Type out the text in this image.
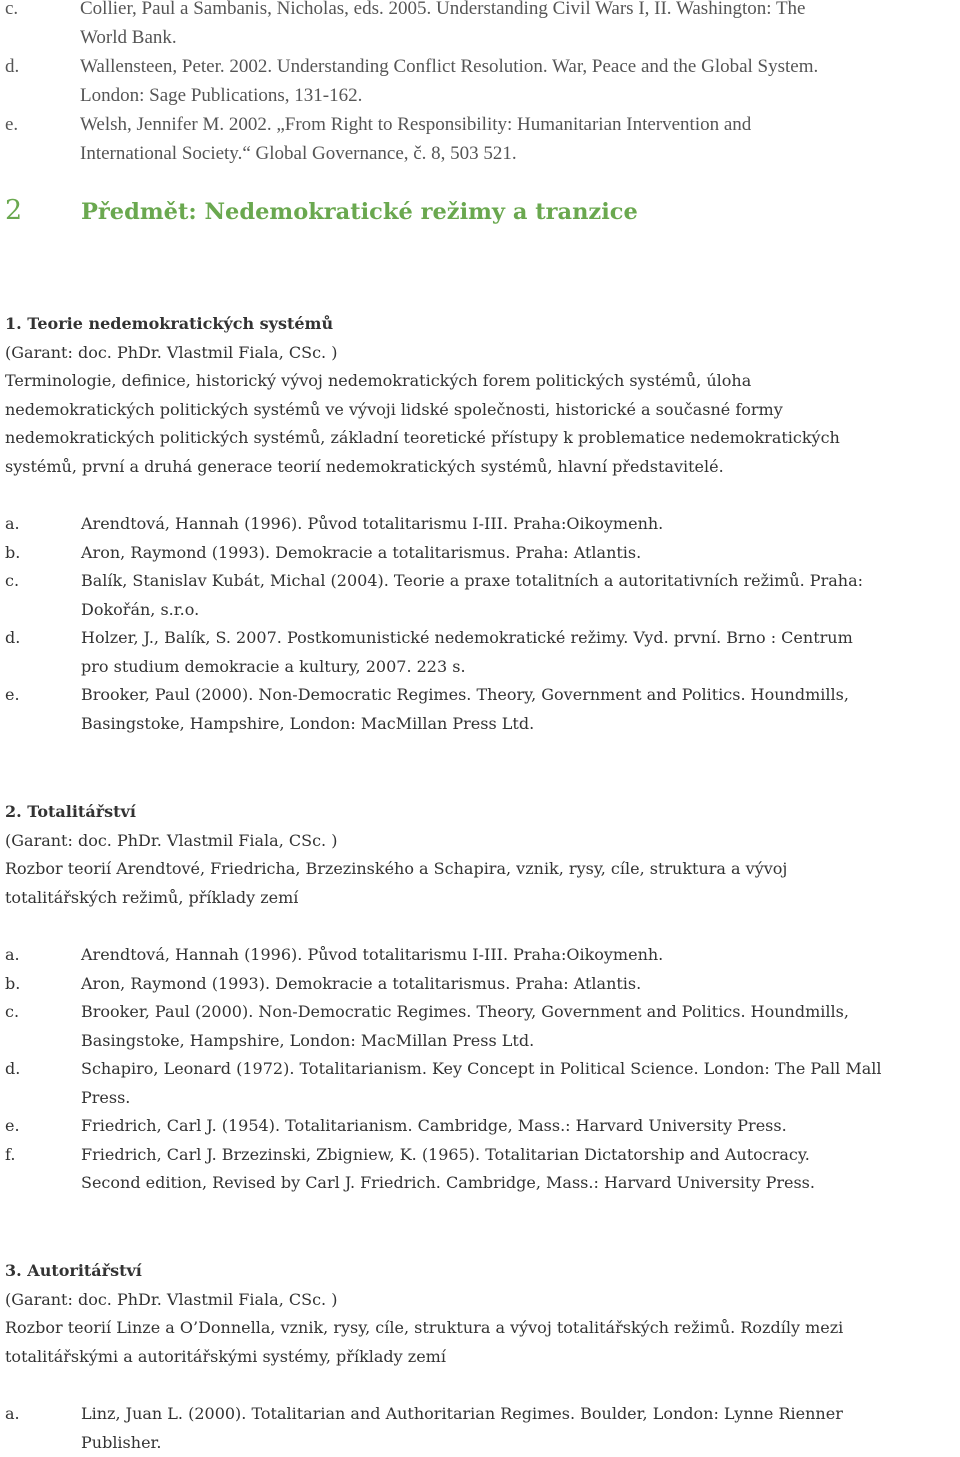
c.	Collier, Paul a Sambanis, Nicholas, eds. 2005. Understanding Civil Wars I, II. Washington: The
World Bank.
d.	Wallensteen, Peter. 2002. Understanding Conflict Resolution. War, Peace and the Global System.
London: Sage Publications, 131-162.
e.	Welsh, Jennifer M. 2002. „From Right to Responsibility: Humanitarian Intervention and
International Society.“ Global Governance, č. 8, 503 521.
2	Předmět: Nedemokratické režimy a tranzice
1. Teorie nedemokratických systémů
(Garant: doc. PhDr. Vlastmil Fiala, CSc. )
Terminologie, definice, historický vývoj nedemokratických forem politických systémů, úloha
nedemokratických politických systémů ve vývoji lidské společnosti, historické a současné formy
nedemokratických politických systémů, základní teoretické přístupy k problematice nedemokratických
systémů, první a druhá generace teorií nedemokratických systémů, hlavní představitelé.
a.	Arendtová, Hannah (1996). Původ totalitarismu I-III. Praha:Oikoymenh.
b.	Aron, Raymond (1993). Demokracie a totalitarismus. Praha: Atlantis.
c.	Balík, Stanislav Kubát, Michal (2004). Teorie a praxe totalitních a autoritativních režimů. Praha:
Dokořán, s.r.o.
d.	Holzer, J., Balík, S. 2007. Postkomunistické nedemokratické režimy. Vyd. první. Brno : Centrum
pro studium demokracie a kultury, 2007. 223 s.
e.	Brooker, Paul (2000). Non-Democratic Regimes. Theory, Government and Politics. Houndmills,
Basingstoke, Hampshire, London: MacMillan Press Ltd.
2. Totalitářství
(Garant: doc. PhDr. Vlastmil Fiala, CSc. )
Rozbor teorií Arendtové, Friedricha, Brzezinského a Schapira, vznik, rysy, cíle, struktura a vývoj
totalitářských režimů, příklady zemí
a.	Arendtová, Hannah (1996). Původ totalitarismu I-III. Praha:Oikoymenh.
b.	Aron, Raymond (1993). Demokracie a totalitarismus. Praha: Atlantis.
c.	Brooker, Paul (2000). Non-Democratic Regimes. Theory, Government and Politics. Houndmills,
Basingstoke, Hampshire, London: MacMillan Press Ltd.
d.	Schapiro, Leonard (1972). Totalitarianism. Key Concept in Political Science. London: The Pall Mall
Press.
e.	Friedrich, Carl J. (1954). Totalitarianism. Cambridge, Mass.: Harvard University Press.
f.	Friedrich, Carl J. Brzezinski, Zbigniew, K. (1965). Totalitarian Dictatorship and Autocracy.
Second edition, Revised by Carl J. Friedrich. Cambridge, Mass.: Harvard University Press.
3. Autoritářství
(Garant: doc. PhDr. Vlastmil Fiala, CSc. )
Rozbor teorií Linze a O’Donnella, vznik, rysy, cíle, struktura a vývoj totalitářských režimů. Rozdíly mezi
totalitářskými a autoritářskými systémy, příklady zemí
a.	Linz, Juan L. (2000). Totalitarian and Authoritarian Regimes. Boulder, London: Lynne Rienner
Publisher.
